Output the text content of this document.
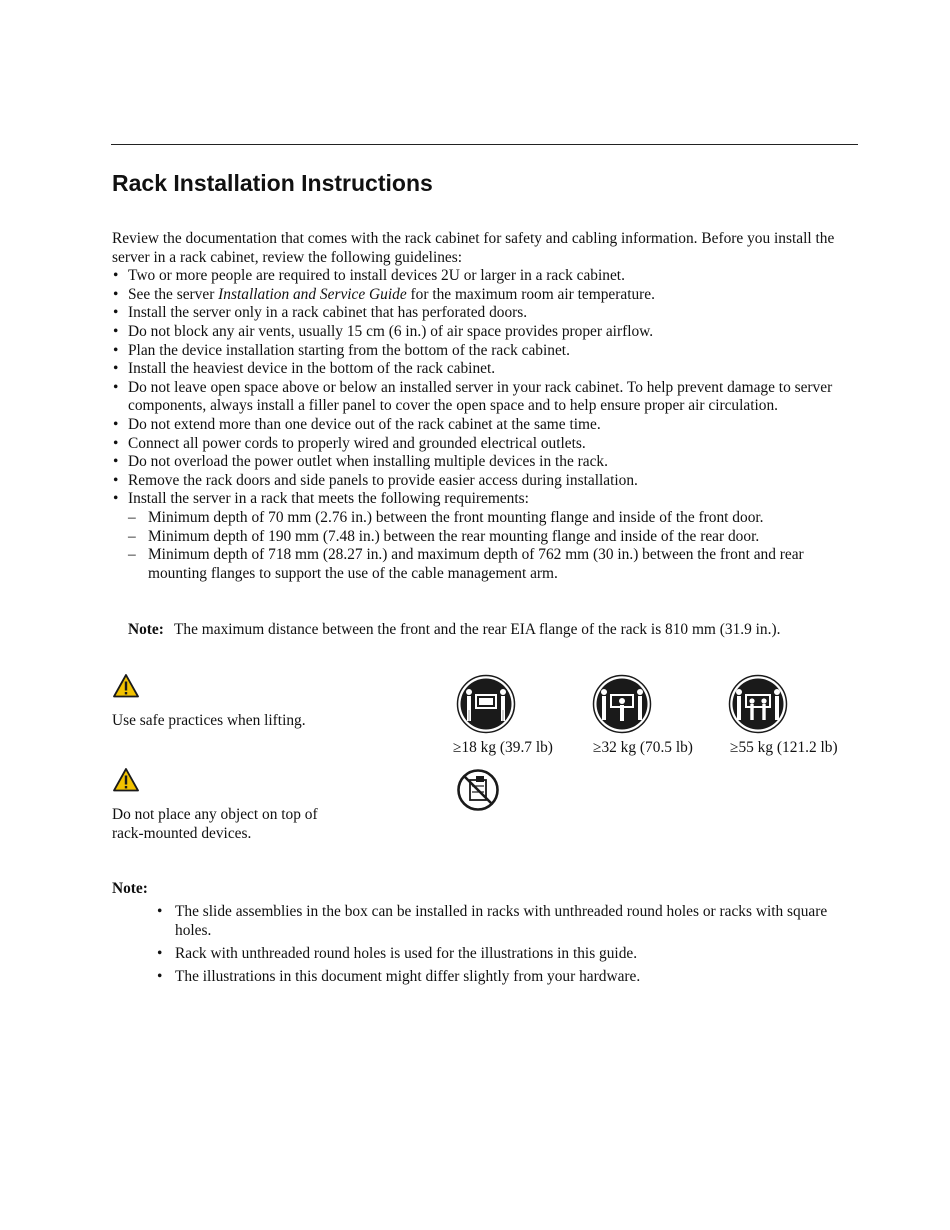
Rack Installation Instructions

Review the documentation that comes with the rack cabinet for safety and cabling information. Before you install the server in a rack cabinet, review the following guidelines:

• Two or more people are required to install devices 2U or larger in a rack cabinet.
• See the server Installation and Service Guide for the maximum room air temperature.
• Install the server only in a rack cabinet that has perforated doors.
• Do not block any air vents, usually 15 cm (6 in.) of air space provides proper airflow.
• Plan the device installation starting from the bottom of the rack cabinet.
• Install the heaviest device in the bottom of the rack cabinet.
• Do not leave open space above or below an installed server in your rack cabinet. To help prevent damage to server components, always install a filler panel to cover the open space and to help ensure proper air circulation.
• Do not extend more than one device out of the rack cabinet at the same time.
• Connect all power cords to properly wired and grounded electrical outlets.
• Do not overload the power outlet when installing multiple devices in the rack.
• Remove the rack doors and side panels to provide easier access during installation.
• Install the server in a rack that meets the following requirements:
– Minimum depth of 70 mm (2.76 in.) between the front mounting flange and inside of the front door.
– Minimum depth of 190 mm (7.48 in.) between the rear mounting flange and inside of the rear door.
– Minimum depth of 718 mm (28.27 in.) and maximum depth of 762 mm (30 in.) between the front and rear mounting flanges to support the use of the cable management arm.
Note: The maximum distance between the front and the rear EIA flange of the rack is 810 mm (31.9 in.).
Use safe practices when lifting.
≥18 kg (39.7 lb)	≥32 kg (70.5 lb) ≥55 kg (121.2 lb)
Do not place any object on top of
rack-mounted devices.
Note:
• The slide assemblies in the box can be installed in racks with unthreaded round holes or racks with square holes.
• Rack with unthreaded round holes is used for the illustrations in this guide.
• The illustrations in this document might differ slightly from your hardware.
